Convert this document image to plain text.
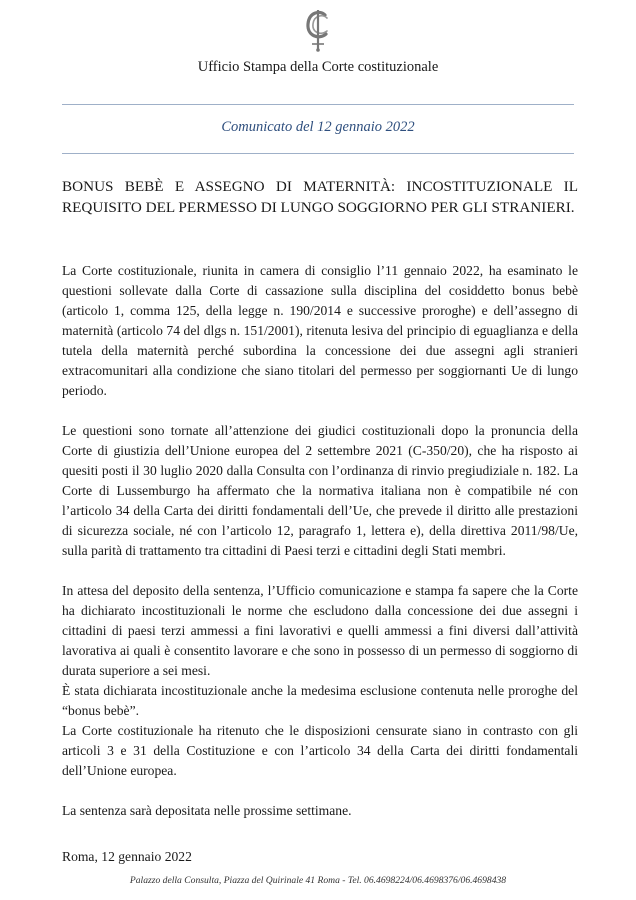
Ufficio Stampa della Corte costituzionale
Comunicato del 12 gennaio 2022
BONUS BEBÈ E ASSEGNO DI MATERNITÀ: INCOSTITUZIONALE IL REQUISITO DEL PERMESSO DI LUNGO SOGGIORNO PER GLI STRANIERI.

La Corte costituzionale, riunita in camera di consiglio l’11 gennaio 2022, ha esaminato le questioni sollevate dalla Corte di cassazione sulla disciplina del cosiddetto bonus bebè (articolo 1, comma 125, della legge n. 190/2014 e successive proroghe) e dell’assegno di maternità (articolo 74 del dlgs n. 151/2001), ritenuta lesiva del principio di eguaglianza e della tutela della maternità perché subordina la concessione dei due assegni agli stranieri extracomunitari alla condizione che siano titolari del permesso per soggiornanti Ue di lungo periodo.

Le questioni sono tornate all’attenzione dei giudici costituzionali dopo la pronuncia della Corte di giustizia dell’Unione europea del 2 settembre 2021 (C-350/20), che ha risposto ai quesiti posti il 30 luglio 2020 dalla Consulta con l’ordinanza di rinvio pregiudiziale n. 182. La Corte di Lussemburgo ha affermato che la normativa italiana non è compatibile né con l’articolo 34 della Carta dei diritti fondamentali dell’Ue, che prevede il diritto alle prestazioni di sicurezza sociale, né con l’articolo 12, paragrafo 1, lettera e), della direttiva 2011/98/Ue, sulla parità di trattamento tra cittadini di Paesi terzi e cittadini degli Stati membri.

In attesa del deposito della sentenza, l’Ufficio comunicazione e stampa fa sapere che la Corte ha dichiarato incostituzionali le norme che escludono dalla concessione dei due assegni i cittadini di paesi terzi ammessi a fini lavorativi e quelli ammessi a fini diversi dall’attività lavorativa ai quali è consentito lavorare e che sono in possesso di un permesso di soggiorno di durata superiore a sei mesi.

È stata dichiarata incostituzionale anche la medesima esclusione contenuta nelle proroghe del “bonus bebè”.

La Corte costituzionale ha ritenuto che le disposizioni censurate siano in contrasto con gli articoli 3 e 31 della Costituzione e con l’articolo 34 della Carta dei diritti fondamentali dell’Unione europea.

La sentenza sarà depositata nelle prossime settimane.

Roma, 12 gennaio 2022
Palazzo della Consulta, Piazza del Quirinale 41 Roma - Tel. 06.4698224/06.4698376/06.4698438
